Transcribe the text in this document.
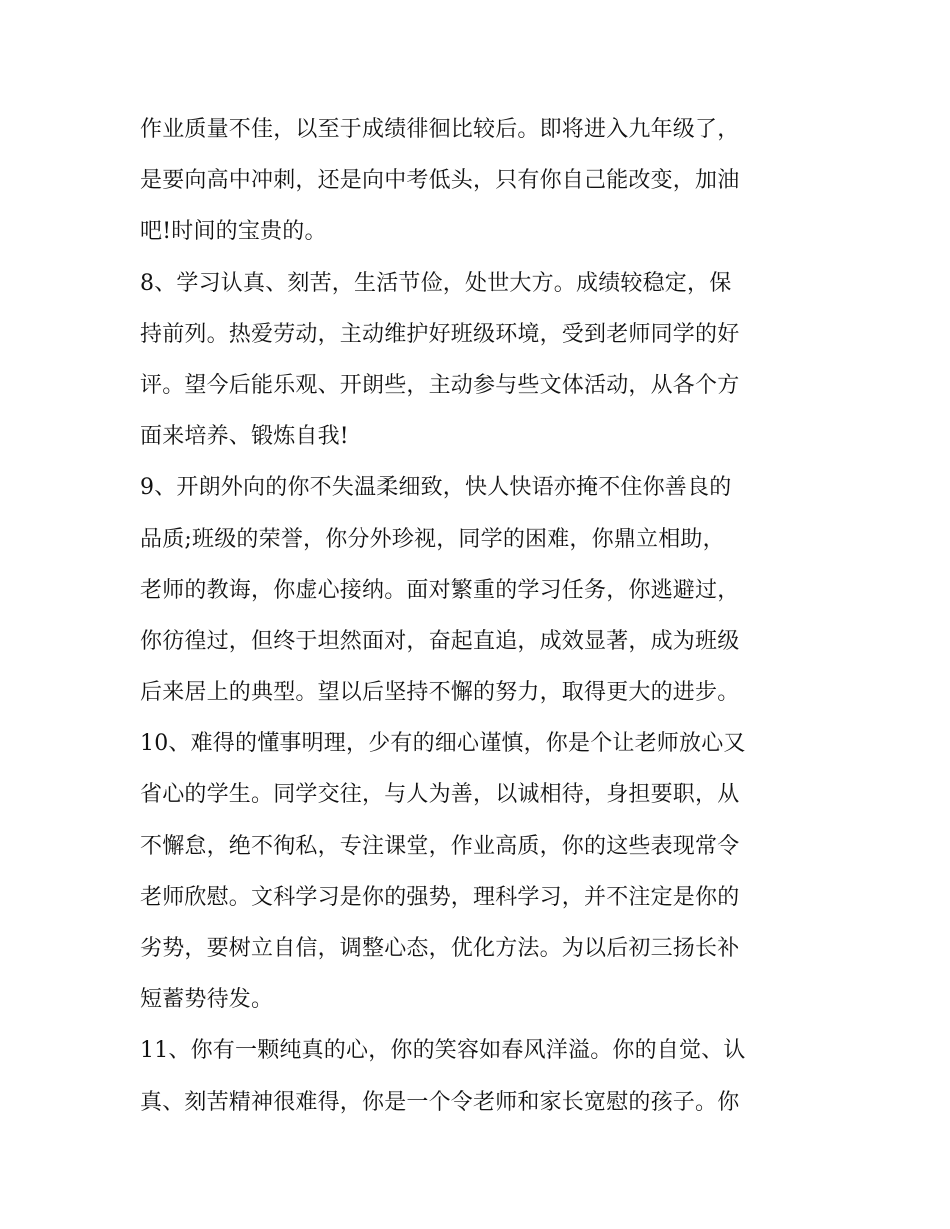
作业质量不佳，以至于成绩徘徊比较后。即将进入九年级了，
是要向高中冲刺，还是向中考低头，只有你自己能改变，加油
吧!时间的宝贵的。
8、学习认真、刻苦，生活节俭，处世大方。成绩较稳定，保
持前列。热爱劳动，主动维护好班级环境，受到老师同学的好
评。望今后能乐观、开朗些，主动参与些文体活动，从各个方
面来培养、锻炼自我!
9、开朗外向的你不失温柔细致，快人快语亦掩不住你善良的
品质;班级的荣誉，你分外珍视，同学的困难，你鼎立相助，
老师的教诲，你虚心接纳。面对繁重的学习任务，你逃避过，
你彷徨过，但终于坦然面对，奋起直追，成效显著，成为班级
后来居上的典型。望以后坚持不懈的努力，取得更大的进步。
10、难得的懂事明理，少有的细心谨慎，你是个让老师放心又
省心的学生。同学交往，与人为善，以诚相待，身担要职，从
不懈怠，绝不徇私，专注课堂，作业高质，你的这些表现常令
老师欣慰。文科学习是你的强势，理科学习，并不注定是你的
劣势，要树立自信，调整心态，优化方法。为以后初三扬长补
短蓄势待发。
11、你有一颗纯真的心，你的笑容如春风洋溢。你的自觉、认
真、刻苦精神很难得，你是一个令老师和家长宽慰的孩子。你
